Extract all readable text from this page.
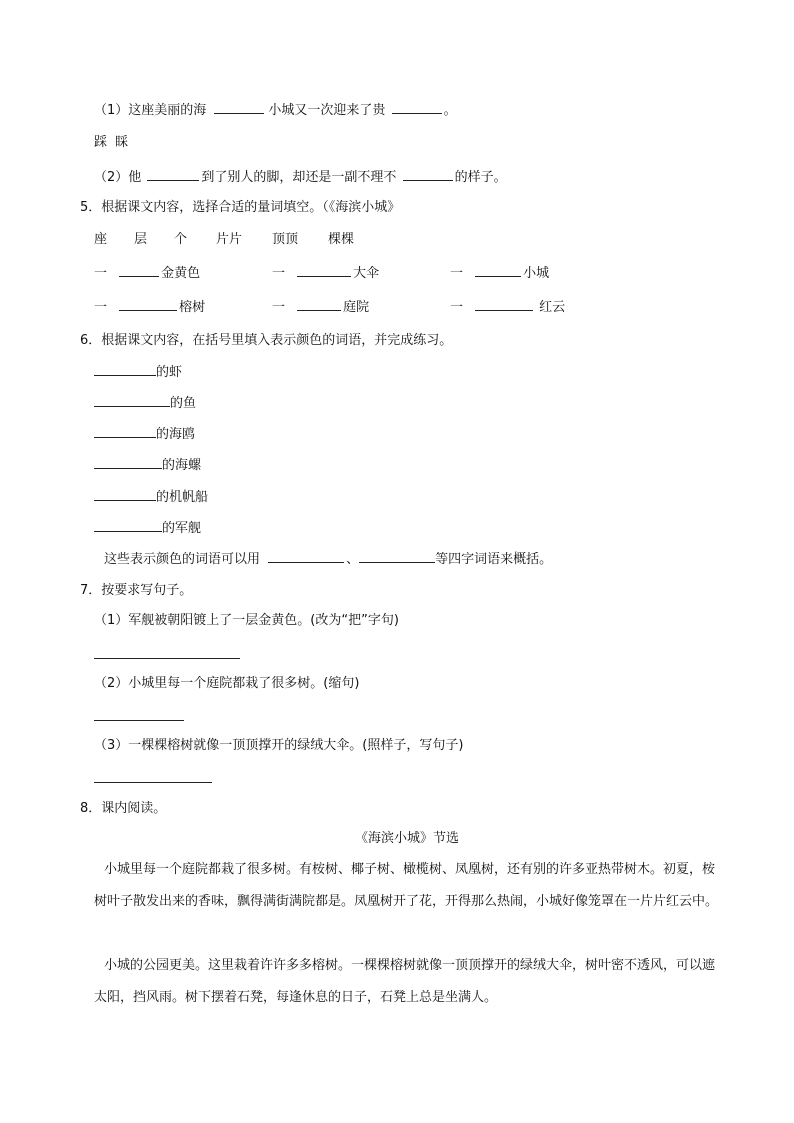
（1）这座美丽的海	小城又一次迎来了贵	。
踩 睬
（2）他	到了别人的脚，却还是一副不理不	的样子。
5．根据课文内容，选择合适的量词填空。（《海滨小城》
座 层 个 片片 顶顶 棵棵
一	金黄色	一	大伞	一	小城
一	榕树	一	庭院	一	红云
6．根据课文内容，在括号里填入表示颜色的词语，并完成练习。
的虾
的鱼
的海鸥
的海螺
的机帆船
的军舰
这些表示颜色的词语可以用	、	等四字词语来概括。
7．按要求写句子。
（1）军舰被朝阳镀上了一层金黄色。(改为“把”字句)
（2）小城里每一个庭院都栽了很多树。(缩句)
（3）一棵棵榕树就像一顶顶撑开的绿绒大伞。(照样子，写句子)
8．课内阅读。
《海滨小城》节选
小城里每一个庭院都栽了很多树。有桉树、椰子树、橄榄树、凤凰树，还有别的许多亚热带树木。初夏，桉树叶子散发出来的香味，飘得满街满院都是。凤凰树开了花，开得那么热闹，小城好像笼罩在一片片红云中。
小城的公园更美。这里栽着许许多多榕树。一棵棵榕树就像一顶顶撑开的绿绒大伞，树叶密不透风，可以遮太阳，挡风雨。树下摆着石凳，每逢休息的日子，石凳上总是坐满人。
